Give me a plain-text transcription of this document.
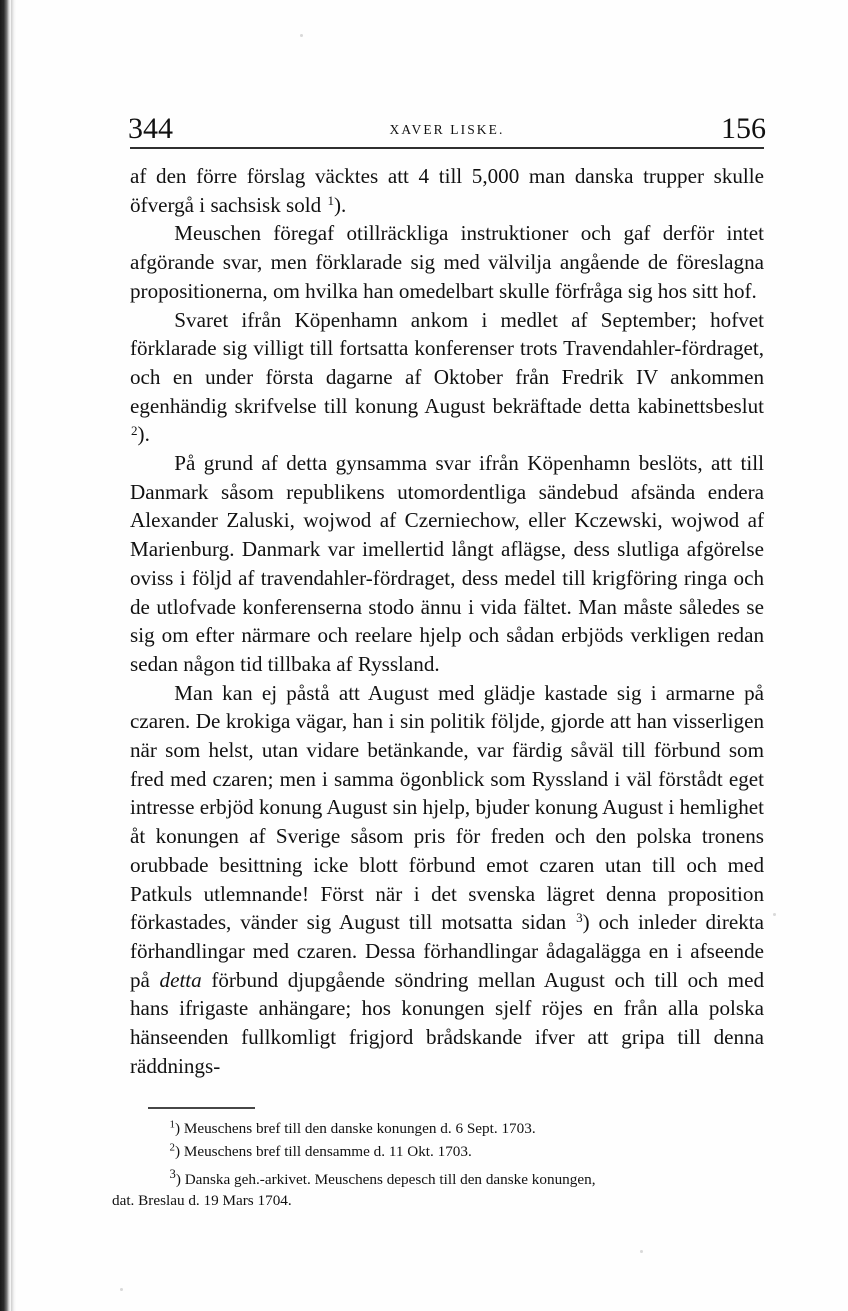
344	XAVER LISKE.	156

af den förre förslag väcktes att 4 till 5,000 man danska trupper skulle öfvergå i sachsisk sold $^1$).

Meuschen föregaf otillräckliga instruktioner och gaf derför intet afgörande svar, men förklarade sig med välvilja angående de föreslagna propositionerna, om hvilka han omedelbart skulle förfråga sig hos sitt hof.

Svaret ifrån Köpenhamn ankom i medlet af September; hofvet förklarade sig villigt till fortsatta konferenser trots Travendahler-fördraget, och en under första dagarne af Oktober från Fredrik IV ankommen egenhändig skrifvelse till konung August bekräftade detta kabinettsbeslut $^2$).

På grund af detta gynsamma svar ifrån Köpenhamn beslöts, att till Danmark såsom republikens utomordentliga sändebud afsända endera Alexander Zaluski, wojwod af Czerniechow, eller Kczewski, wojwod af Marienburg. Danmark var imellertid långt aflägse, dess slutliga afgörelse oviss i följd af travendahler-fördraget, dess medel till krigföring ringa och de utlofvade konferenserna stodo ännu i vida fältet. Man måste således se sig om efter närmare och reelare hjelp och sådan erbjöds verkligen redan sedan någon tid tillbaka af Ryssland.

Man kan ej påstå att August med glädje kastade sig i armarne på czaren. De krokiga vägar, han i sin politik följde, gjorde att han visserligen när som helst, utan vidare betänkande, var färdig såväl till förbund som fred med czaren; men i samma ögonblick som Ryssland i väl förstådt eget intresse erbjöd konung August sin hjelp, bjuder konung August i hemlighet åt konungen af Sverige såsom pris för freden och den polska tronens orubbade besittning icke blott förbund emot czaren utan till och med Patkuls utlemnande! Först när i det svenska lägret denna proposition förkastades, vänder sig August till motsatta sidan $^3$) och inleder direkta förhandlingar med czaren. Dessa förhandlingar ådagalägga en i afseende på detta förbund djupgående söndring mellan August och till och med hans ifrigaste anhängare; hos konungen sjelf röjes en från alla polska hänseenden fullkomligt frigjord brådskande ifver att gripa till denna räddnings-

$^1$) Meuschens bref till den danske konungen d. 6 Sept. 1703.

$^2$) Meuschens bref till densamme d. 11 Okt. 1703.

$^3$) Danska geh.-arkivet. Meuschens depesch till den danske konungen,
dat. Breslau d. 19 Mars 1704.
